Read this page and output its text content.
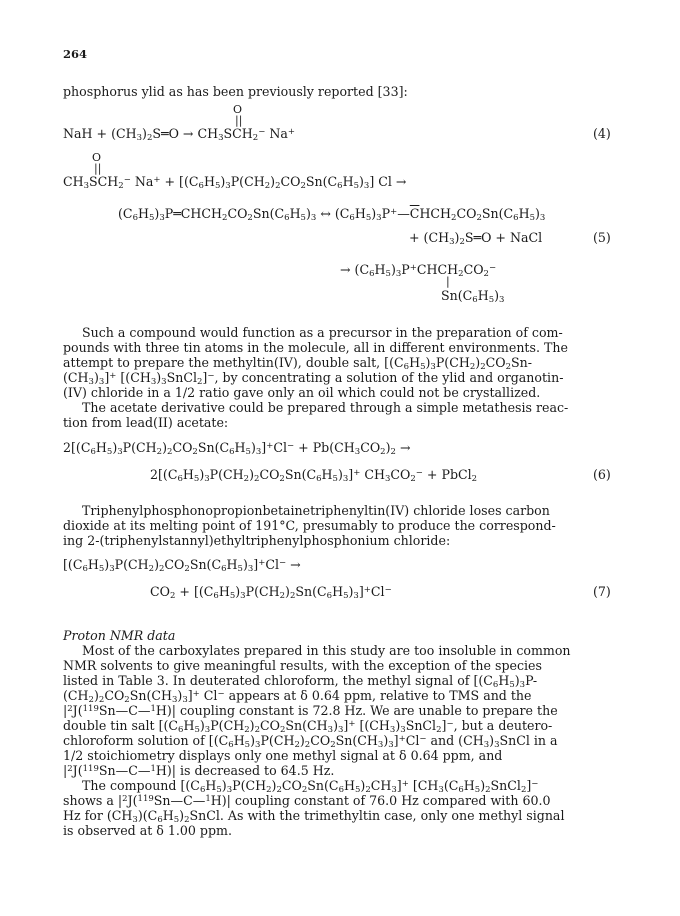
264
phosphorus ylid as has been previously reported [33]:
O
||
NaH + $(CH_3)_2S═O \to CH_3SCH_2^-$ Na+	(4)
O
||
$CH_3SCH_2^-$ $Na^+ + [(C_6H_5)_3P(CH_2)_2CO_2Sn(C_6H_5)_3] Cl$ →
$(C_6H_5)_3P═CHCH_2CO_2Sn(C_6H_5)_3$ ↔ $(C_6H_5)_3P^+—\overline{C}HCH_2CO_2Sn(C_6H_5)_3$
+ $(CH_3)_2S═O$ + NaCl	(5)
→ $(C_6H_5)_3P^+CHCH_2CO_2^-$
|
$Sn(C_6H_5)_3$
Such a compound would function as a precursor in the preparation of com-
pounds with three tin atoms in the molecule, all in different environments. The
attempt to prepare the methyltin(IV), double salt, [$(C_6H_5)_3P(CH_2)_2CO_2Sn-$
$(CH_3)_3]^+$ $[(CH_3)_3SnCl_2]^-$, by concentrating a solution of the ylid and organotin-
(IV) chloride in a 1/2 ratio gave only an oil which could not be crystallized.
The acetate derivative could be prepared through a simple metathesis reac-
tion from lead(II) acetate:
$2[(C_6H_5)_3P(CH_2)_2CO_2Sn(C_6H_5)_3]^+Cl^- + Pb(CH_3CO_2)_2$ →
$2[(C_6H_5)_3P(CH_2)_2CO_2Sn(C_6H_5)_3]^+$ $CH_3CO_2^-$ + PbCl$_2$	(6)
Triphenylphosphonopropionbetainetriphenyltin(IV) chloride loses carbon
dioxide at its melting point of 191°C, presumably to produce the correspond-
ing 2-(triphenylstannyl)ethyltriphenylphosphonium chloride:
$[(C_6H_5)_3P(CH_2)_2CO_2Sn(C_6H_5)_3]^+Cl^-$ →
$CO_2 + [(C_6H_5)_3P(CH_2)_2Sn(C_6H_5)_3]^+Cl^-$	(7)
Proton NMR data
Most of the carboxylates prepared in this study are too insoluble in common
NMR solvents to give meaningful results, with the exception of the species
listed in Table 3. In deuterated chloroform, the methyl signal of [$(C_6H_5)_3P-$
$(CH_2)_2CO_2Sn(CH_3)_3]^+$ Cl− appears at δ 0.64 ppm, relative to TMS and the
$|^2J(^{119}Sn—C—^1H)|$ coupling constant is 72.8 Hz. We are unable to prepare the
double tin salt $[(C_6H_5)_3P(CH_2)_2CO_2Sn(CH_3)_3]^+$ $[(CH_3)_3SnCl_2]^-$, but a deutero-
chloroform solution of $[(C_6H_5)_3P(CH_2)_2CO_2Sn(CH_3)_3]^+Cl^-$ and $(CH_3)_3SnCl$ in a
1/2 stoichiometry displays only one methyl signal at δ 0.64 ppm, and
$|^2J(^{119}Sn—C—^1H)|$ is decreased to 64.5 Hz.
The compound $[(C_6H_5)_3P(CH_2)_2CO_2Sn(C_6H_5)_2CH_3]^+$ $[CH_3(C_6H_5)_2SnCl_2]^-$
shows a $|^2J(^{119}Sn—C—^1H)|$ coupling constant of 76.0 Hz compared with 60.0
Hz for $(CH_3)(C_6H_5)_2SnCl$. As with the trimethyltin case, only one methyl signal
is observed at δ 1.00 ppm.
